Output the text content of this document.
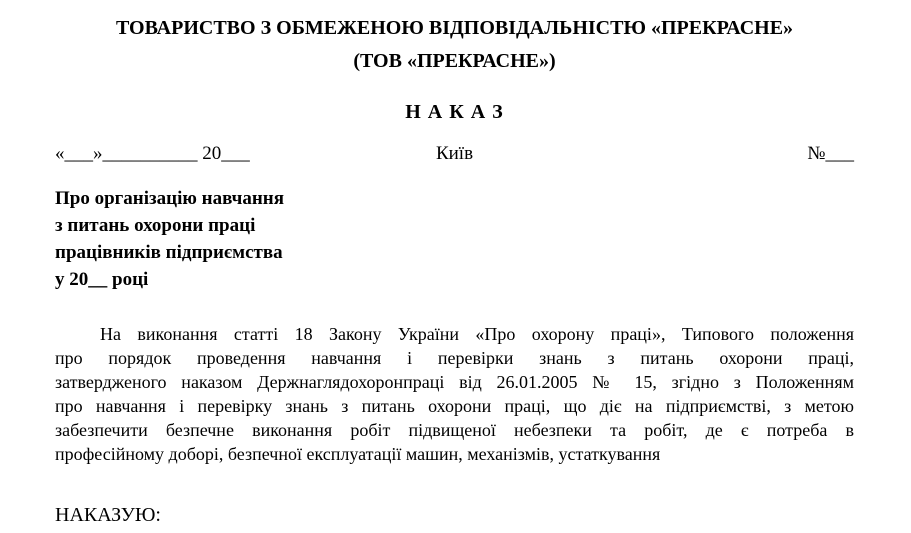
ТОВАРИСТВО З ОБМЕЖЕНОЮ ВІДПОВІДАЛЬНІСТЮ «ПРЕКРАСНЕ»
(ТОВ «ПРЕКРАСНЕ»)
Н А К А З
«___»__________ 20___	Київ	№___
Про організацію навчання
з питань охорони праці
працівників підприємства
у 20__ році
На виконання статті 18 Закону України «Про охорону праці», Типового положення
про порядок проведення навчання і перевірки знань з питань охорони праці,
затвердженого наказом Держнаглядохоронпраці від 26.01.2005 № 15, згідно з Положенням
про навчання і перевірку знань з питань охорони праці, що діє на підприємстві, з метою
забезпечити безпечне виконання робіт підвищеної небезпеки та робіт, де є потреба в
професійному доборі, безпечної експлуатації машин, механізмів, устаткування
НАКАЗУЮ:
